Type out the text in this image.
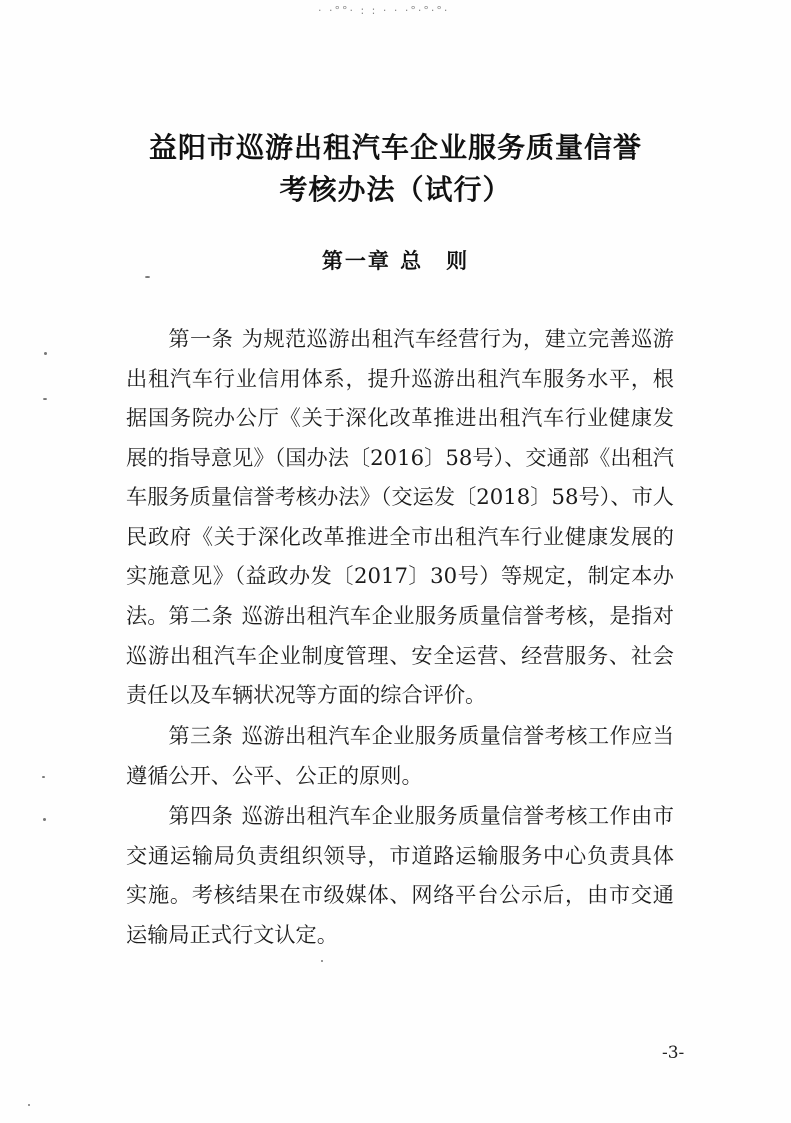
· ·°°· : : · · ·°·°·°·
益阳市巡游出租汽车企业服务质量信誉
考核办法（试行）
第一章 总　则

第一条 为规范巡游出租汽车经营行为，建立完善巡游出租汽车行业信用体系，提升巡游出租汽车服务水平，根据国务院办公厅《关于深化改革推进出租汽车行业健康发展的指导意见》（国办法〔2016〕58号）、交通部《出租汽车服务质量信誉考核办法》（交运发〔2018〕58号）、市人民政府《关于深化改革推进全市出租汽车行业健康发展的实施意见》（益政办发〔2017〕30号）等规定，制定本办法。 第二条 巡游出租汽车企业服务质量信誉考核，是指对巡游出租汽车企业制度管理、安全运营、经营服务、社会责任以及车辆状况等方面的综合评价。

第三条 巡游出租汽车企业服务质量信誉考核工作应当遵循公开、公平、公正的原则。

第四条 巡游出租汽车企业服务质量信誉考核工作由市交通运输局负责组织领导，市道路运输服务中心负责具体实施。考核结果在市级媒体、网络平台公示后，由市交通运输局正式行文认定。

-3-
